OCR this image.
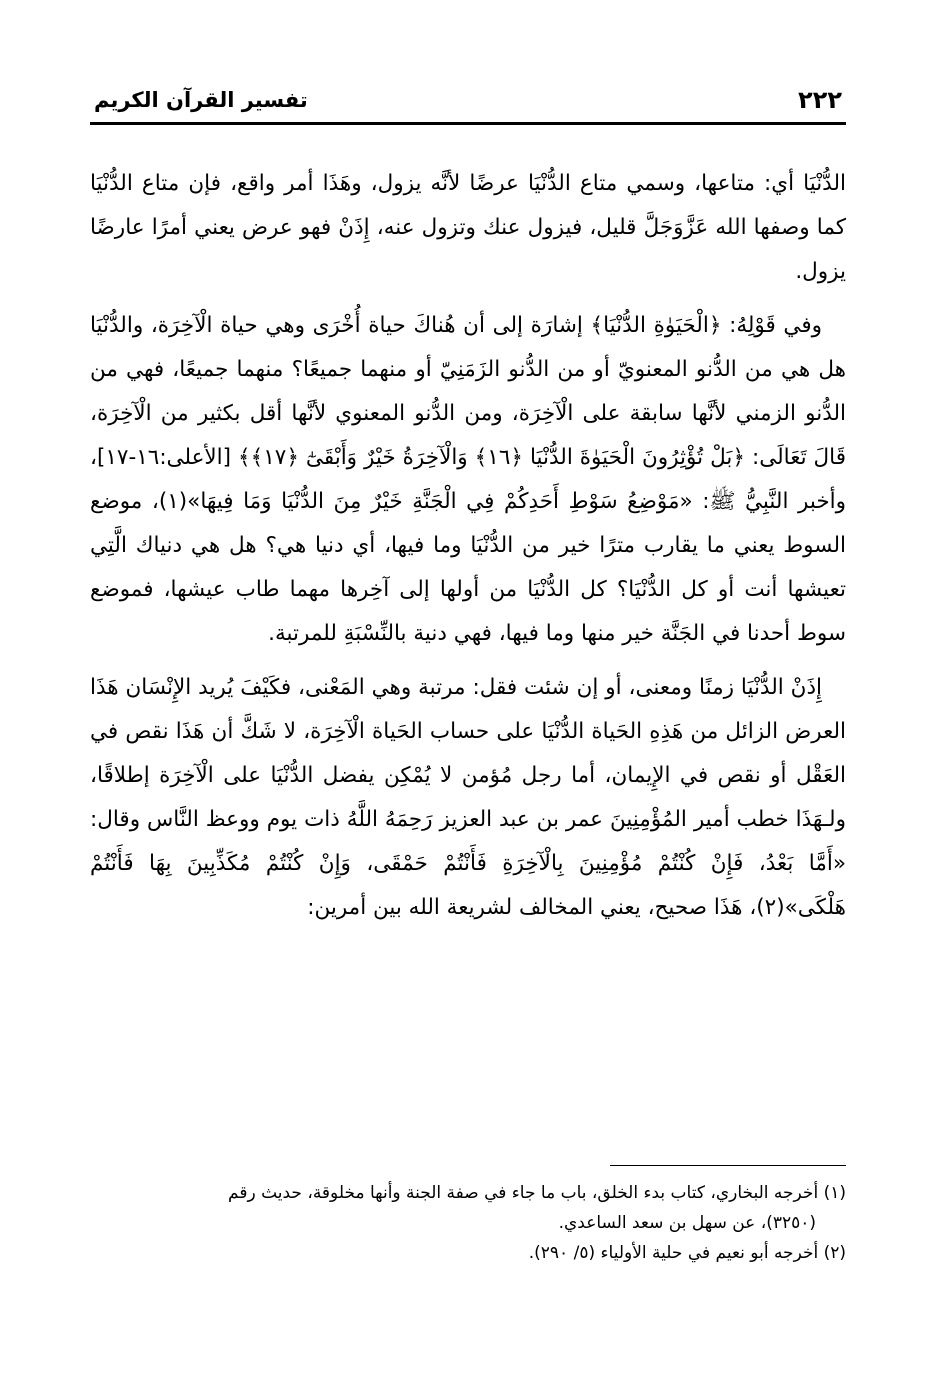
٢٢٢
تفسير القرآن الكريم

الدُّنْيَا أي: متاعها، وسمي متاع الدُّنْيَا عرضًا لأنَّه يزول، وهَذَا أمر واقع، فإن متاع الدُّنْيَا كما وصفها الله عَزَّوَجَلَّ قليل، فيزول عنك وتزول عنه، إِذَنْ فهو عرض يعني أمرًا عارضًا يزول.

وفي قَوْلِهُ: ﴿الْحَيَوٰةِ الدُّنْيَا﴾ إشارَة إلى أن هُناكَ حياة أُخْرَى وهي حياة الْآخِرَة، والدُّنْيَا هل هي من الدُّنو المعنويّ أو من الدُّنو الزَمَنِيّ أو منهما جميعًا؟ منهما جميعًا، فهي من الدُّنو الزمني لأنَّها سابقة على الْآخِرَة، ومن الدُّنو المعنوي لأنَّها أقل بكثير من الْآخِرَة، قَالَ تَعَالَى: ﴿بَلْ تُؤْثِرُونَ الْحَيَوٰةَ الدُّنْيَا ﴿١٦﴾ وَالْآخِرَةُ خَيْرٌ وَأَبْقَىٰٓ ﴿١٧﴾﴾ [الأعلى:١٦-١٧]، وأخبر النَّبِيُّ ﷺ: «مَوْضِعُ سَوْطِ أَحَدِكُمْ فِي الْجَنَّةِ خَيْرٌ مِنَ الدُّنْيَا وَمَا فِيهَا»(١)، موضع السوط يعني ما يقارب مترًا خير من الدُّنْيَا وما فيها، أي دنيا هي؟ هل هي دنياك الَّتِي تعيشها أنت أو كل الدُّنْيَا؟ كل الدُّنْيَا من أولها إلى آخِرها مهما طاب عيشها، فموضع سوط أحدنا في الجَنَّة خير منها وما فيها، فهي دنية بالنِّسْبَةِ للمرتبة.

إِذَنْ الدُّنْيَا زمنًا ومعنى، أو إن شئت فقل: مرتبة وهي المَعْنى، فكَيْفَ يُريد الإِنْسَان هَذَا العرض الزائل من هَذِهِ الحَياة الدُّنْيَا على حساب الحَياة الْآخِرَة، لا شَكَّ أن هَذَا نقص في العَقْل أو نقص في الإِيمان، أما رجل مُؤمن لا يُمْكِن يفضل الدُّنْيَا على الْآخِرَة إطلاقًا، ولـهَذَا خطب أمير المُؤْمِنِينَ عمر بن عبد العزيز رَحِمَهُ اللَّهُ ذات يوم ووعظ النَّاس وقال: «أَمَّا بَعْدُ، فَإِنْ كُنْتُمْ مُؤْمِنِينَ بِالْآخِرَةِ فَأَنْتُمْ حَمْقَى، وَإِنْ كُنْتُمْ مُكَذِّبِينَ بِهَا فَأَنْتُمْ هَلْكَى»(٢)، هَذَا صحيح، يعني المخالف لشريعة الله بين أمرين:

(١) أخرجه البخاري، كتاب بدء الخلق، باب ما جاء في صفة الجنة وأنها مخلوقة، حديث رقم

(٣٢٥٠)، عن سهل بن سعد الساعدي.

(٢) أخرجه أبو نعيم في حلية الأولياء (٥/ ٢٩٠).
